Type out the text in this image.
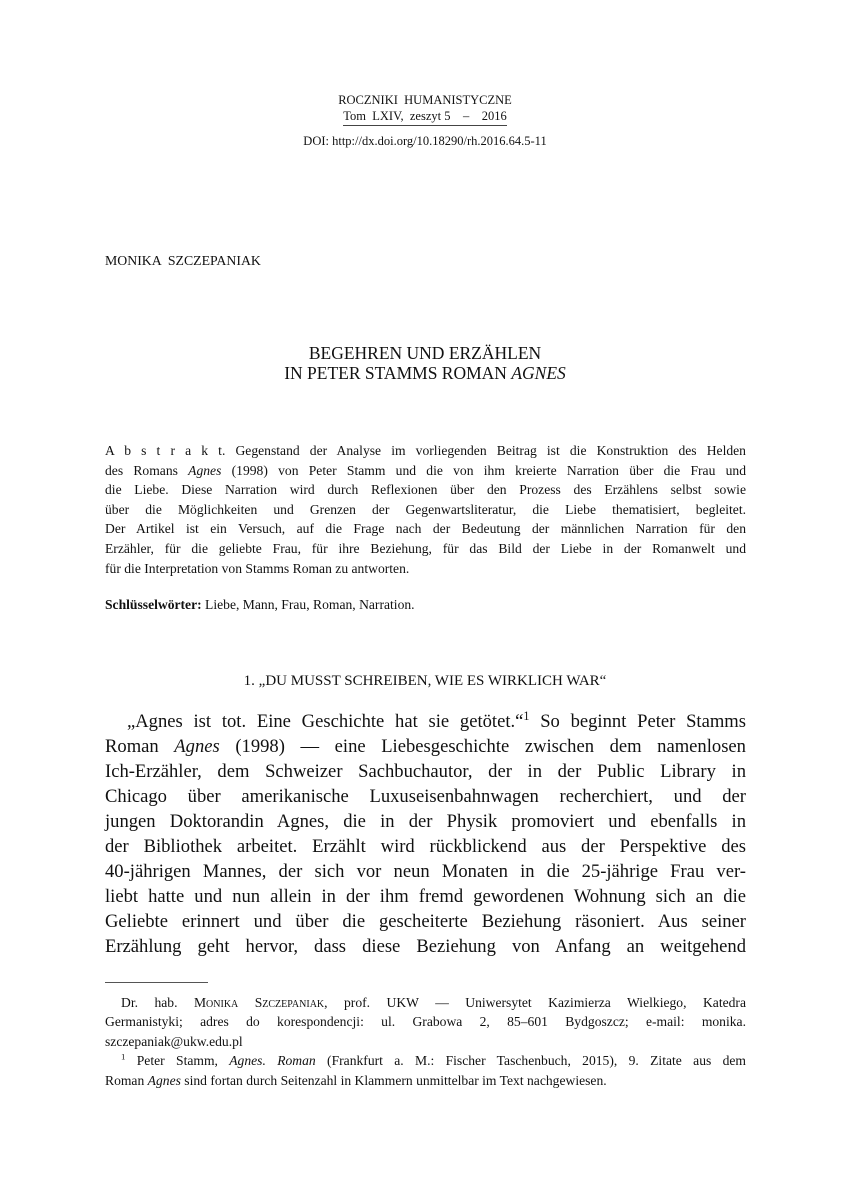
ROCZNIKI  HUMANISTYCZNE
Tom  LXIV,  zeszyt 5    –    2016
DOI: http://dx.doi.org/10.18290/rh.2016.64.5-11
MONIKA  SZCZEPANIAK
BEGEHREN UND ERZÄHLEN
IN PETER STAMMS ROMAN AGNES
A b s t r a k t. Gegenstand der Analyse im vorliegenden Beitrag ist die Konstruktion des Helden
des Romans Agnes (1998) von Peter Stamm und die von ihm kreierte Narration über die Frau und
die Liebe. Diese Narration wird durch Reflexionen über den Prozess des Erzählens selbst sowie
über die Möglichkeiten und Grenzen der Gegenwartsliteratur, die Liebe thematisiert, begleitet.
Der Artikel ist ein Versuch, auf die Frage nach der Bedeutung der männlichen Narration für den
Erzähler, für die geliebte Frau, für ihre Beziehung, für das Bild der Liebe in der Romanwelt und
für die Interpretation von Stamms Roman zu antworten.
Schlüsselwörter: Liebe, Mann, Frau, Roman, Narration.
1. „DU MUSST SCHREIBEN, WIE ES WIRKLICH WAR“
„Agnes ist tot. Eine Geschichte hat sie getötet.“$^1$ So beginnt Peter Stamms
Roman Agnes (1998) — eine Liebesgeschichte zwischen dem namenlosen
Ich-Erzähler, dem Schweizer Sachbuchautor, der in der Public Library in
Chicago über amerikanische Luxuseisenbahnwagen recherchiert, und der
jungen Doktorandin Agnes, die in der Physik promoviert und ebenfalls in
der Bibliothek arbeitet. Erzählt wird rückblickend aus der Perspektive des
40-jährigen Mannes, der sich vor neun Monaten in die 25-jährige Frau ver-
liebt hatte und nun allein in der ihm fremd gewordenen Wohnung sich an die
Geliebte erinnert und über die gescheiterte Beziehung räsoniert. Aus seiner
Erzählung geht hervor, dass diese Beziehung von Anfang an weitgehend
Dr. hab. Monika Szczepaniak, prof. UKW — Uniwersytet Kazimierza Wielkiego, Katedra
Germanistyki; adres do korespondencji: ul. Grabowa 2, 85–601 Bydgoszcz; e-mail: monika.
szczepaniak@ukw.edu.pl
$^1$ Peter Stamm, Agnes. Roman (Frankfurt a. M.: Fischer Taschenbuch, 2015), 9. Zitate aus dem
Roman Agnes sind fortan durch Seitenzahl in Klammern unmittelbar im Text nachgewiesen.
